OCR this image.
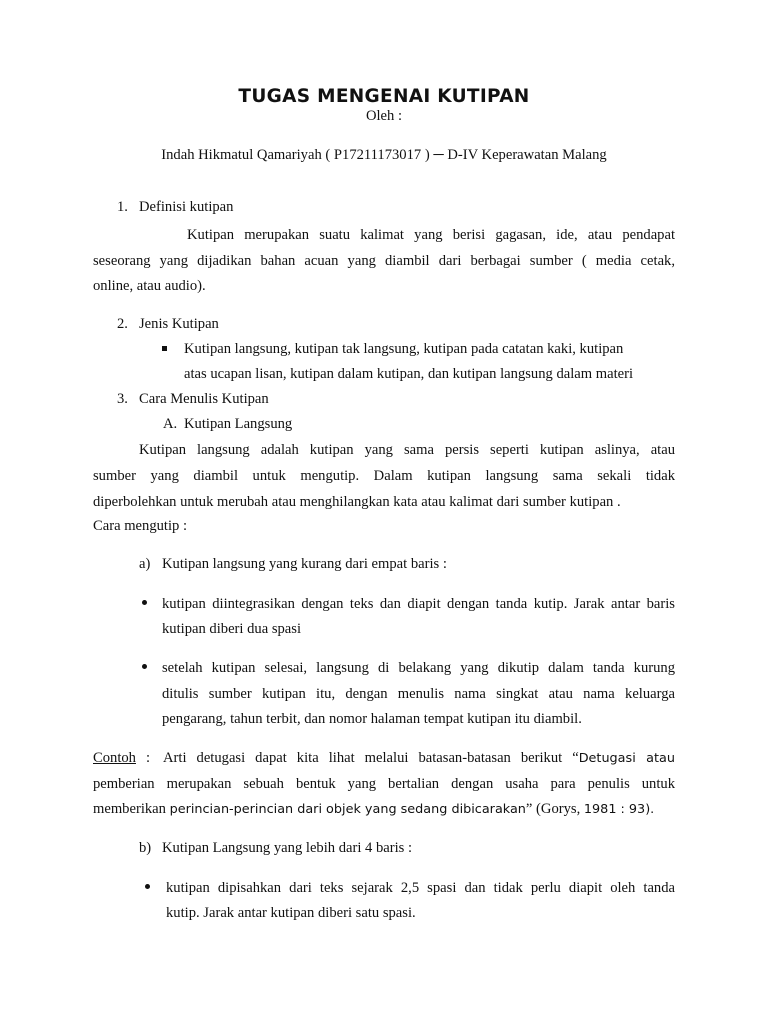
TUGAS MENGENAI KUTIPAN
Oleh :
Indah Hikmatul Qamariyah ( P17211173017 ) ─ D-IV Keperawatan Malang
1. Definisi kutipan
Kutipan merupakan suatu kalimat yang berisi gagasan, ide, atau pendapat
seseorang yang dijadikan bahan acuan yang diambil dari berbagai sumber ( media cetak,
online, atau audio).
2. Jenis Kutipan
Kutipan langsung, kutipan tak langsung, kutipan pada catatan kaki, kutipan
atas ucapan lisan, kutipan dalam kutipan, dan kutipan langsung dalam materi
3. Cara Menulis Kutipan
A. Kutipan Langsung
Kutipan langsung adalah kutipan yang sama persis seperti kutipan aslinya, atau
sumber yang diambil untuk mengutip. Dalam kutipan langsung sama sekali tidak
diperbolehkan untuk merubah atau menghilangkan kata atau kalimat dari sumber kutipan .
Cara mengutip :
a) Kutipan langsung yang kurang dari empat baris :
kutipan diintegrasikan dengan teks dan diapit dengan tanda kutip. Jarak antar baris
kutipan diberi dua spasi
setelah kutipan selesai, langsung di belakang yang dikutip dalam tanda kurung
ditulis sumber kutipan itu, dengan menulis nama singkat atau nama keluarga
pengarang, tahun terbit, dan nomor halaman tempat kutipan itu diambil.
Contoh : Arti detugasi dapat kita lihat melalui batasan-batasan berikut “Detugasi atau
pemberian merupakan sebuah bentuk yang bertalian dengan usaha para penulis untuk
memberikan perincian-perincian dari objek yang sedang dibicarakan” (Gorys, 1981 : 93).
b) Kutipan Langsung yang lebih dari 4 baris :
kutipan dipisahkan dari teks sejarak 2,5 spasi dan tidak perlu diapit oleh tanda
kutip. Jarak antar kutipan diberi satu spasi.
